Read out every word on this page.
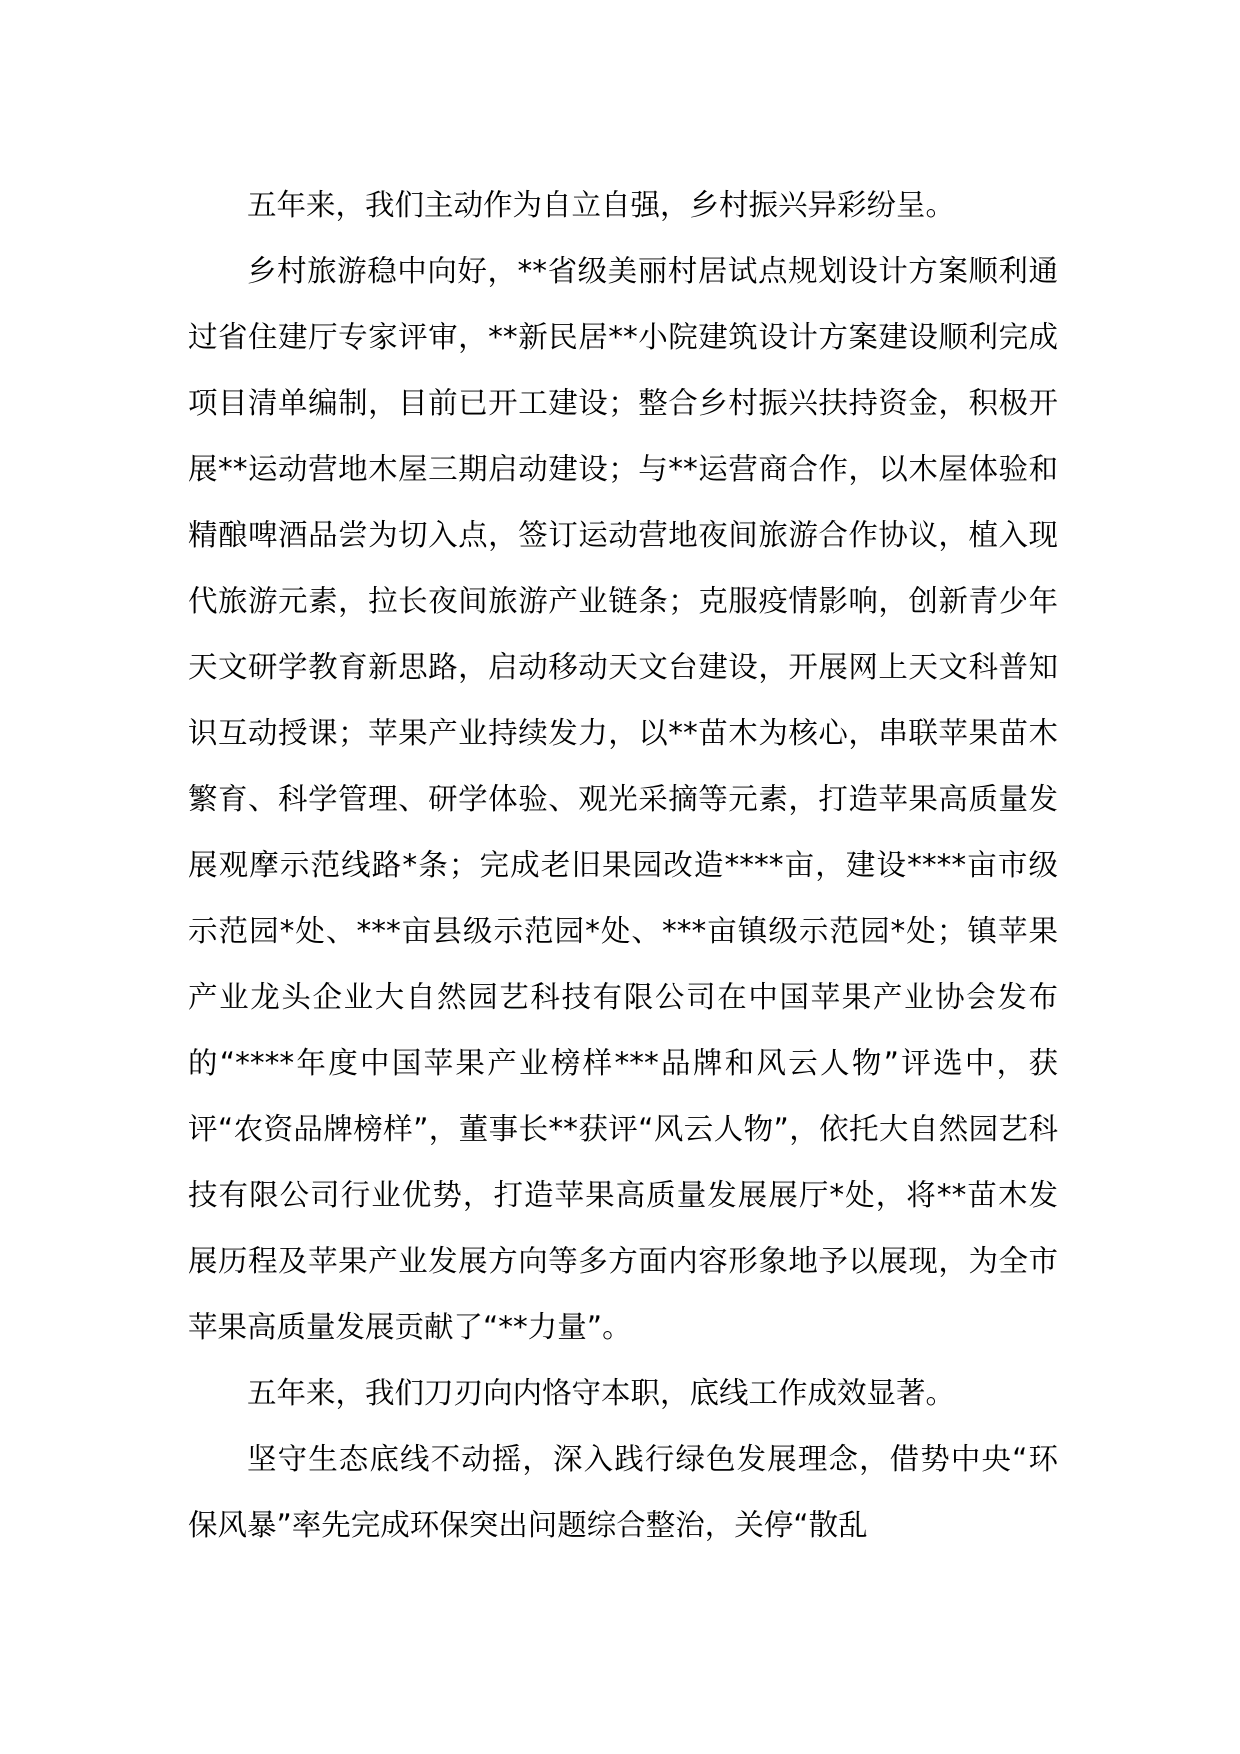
五年来，我们主动作为自立自强，乡村振兴异彩纷呈。

乡村旅游稳中向好，**省级美丽村居试点规划设计方案顺利通过省住建厅专家评审，**新民居**小院建筑设计方案建设顺利完成项目清单编制，目前已开工建设；整合乡村振兴扶持资金，积极开展**运动营地木屋三期启动建设；与**运营商合作，以木屋体验和精酿啤酒品尝为切入点，签订运动营地夜间旅游合作协议，植入现代旅游元素，拉长夜间旅游产业链条；克服疫情影响，创新青少年天文研学教育新思路，启动移动天文台建设，开展网上天文科普知识互动授课；苹果产业持续发力，以**苗木为核心，串联苹果苗木繁育、科学管理、研学体验、观光采摘等元素，打造苹果高质量发展观摩示范线路*条；完成老旧果园改造****亩，建设****亩市级示范园*处、***亩县级示范园*处、***亩镇级示范园*处；镇苹果产业龙头企业大自然园艺科技有限公司在中国苹果产业协会发布的“****年度中国苹果产业榜样***品牌和风云人物”评选中，获评“农资品牌榜样”，董事长**获评“风云人物”，依托大自然园艺科技有限公司行业优势，打造苹果高质量发展展厅*处，将**苗木发展历程及苹果产业发展方向等多方面内容形象地予以展现，为全市苹果高质量发展贡献了“**力量”。

五年来，我们刀刃向内恪守本职，底线工作成效显著。

坚守生态底线不动摇，深入践行绿色发展理念，借势中央“环保风暴”率先完成环保突出问题综合整治，关停“散乱
